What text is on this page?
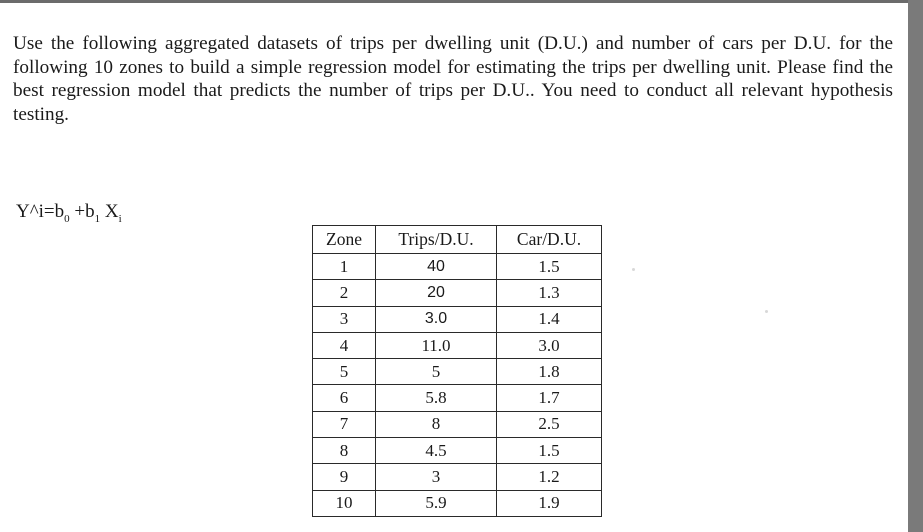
Use the following aggregated datasets of trips per dwelling unit (D.U.) and number of cars per D.U. for the following 10 zones to build a simple regression model for estimating the trips per dwelling unit. Please find the best regression model that predicts the number of trips per D.U.. You need to conduct all relevant hypothesis testing.

$Y\^{}i=b_0 +b_1$ $X_i$
Zone	Trips/D.U.	Car/D.U.
1	40	1.5
2	20	1.3
3	3.0	1.4
4	11.0	3.0
5	5	1.8
6	5.8	1.7
7	8	2.5
8	4.5	1.5
9	3	1.2
10	5.9	1.9
